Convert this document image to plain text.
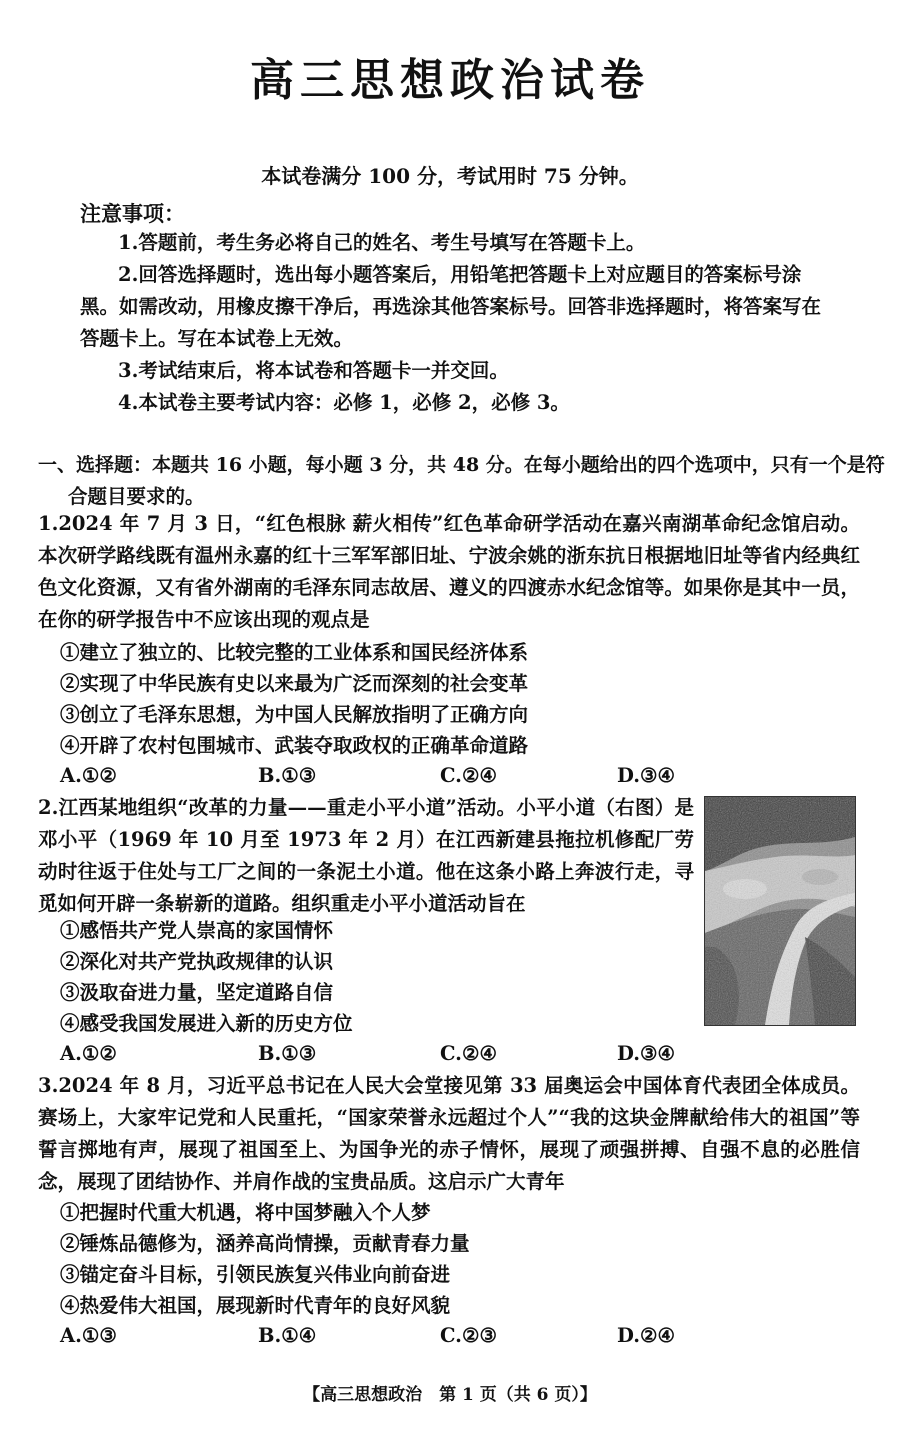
高三思想政治试卷
本试卷满分 100 分，考试用时 75 分钟。
注意事项：
1.答题前，考生务必将自己的姓名、考生号填写在答题卡上。
2.回答选择题时，选出每小题答案后，用铅笔把答题卡上对应题目的答案标号涂
黑。如需改动，用橡皮擦干净后，再选涂其他答案标号。回答非选择题时，将答案写在
答题卡上。写在本试卷上无效。
3.考试结束后，将本试卷和答题卡一并交回。
4.本试卷主要考试内容：必修 1，必修 2，必修 3。
一、选择题：本题共 16 小题，每小题 3 分，共 48 分。在每小题给出的四个选项中，只有一个是符
合题目要求的。
1.2024 年 7 月 3 日，“红色根脉 薪火相传”红色革命研学活动在嘉兴南湖革命纪念馆启动。本次研学路线既有温州永嘉的红十三军军部旧址、宁波余姚的浙东抗日根据地旧址等省内经典红色文化资源，又有省外湖南的毛泽东同志故居、遵义的四渡赤水纪念馆等。如果你是其中一员，在你的研学报告中不应该出现的观点是
①建立了独立的、比较完整的工业体系和国民经济体系
②实现了中华民族有史以来最为广泛而深刻的社会变革
③创立了毛泽东思想，为中国人民解放指明了正确方向
④开辟了农村包围城市、武装夺取政权的正确革命道路
A.①②	B.①③	C.②④	D.③④
2.江西某地组织“改革的力量——重走小平小道”活动。小平小道（右图）是邓小平（1969 年 10 月至 1973 年 2 月）在江西新建县拖拉机修配厂劳动时往返于住处与工厂之间的一条泥土小道。他在这条小路上奔波行走，寻觅如何开辟一条崭新的道路。组织重走小平小道活动旨在
①感悟共产党人崇高的家国情怀
②深化对共产党执政规律的认识
③汲取奋进力量，坚定道路自信
④感受我国发展进入新的历史方位
A.①②	B.①③	C.②④	D.③④
3.2024 年 8 月，习近平总书记在人民大会堂接见第 33 届奥运会中国体育代表团全体成员。赛场上，大家牢记党和人民重托，“国家荣誉永远超过个人”“我的这块金牌献给伟大的祖国”等誓言掷地有声，展现了祖国至上、为国争光的赤子情怀，展现了顽强拼搏、自强不息的必胜信念，展现了团结协作、并肩作战的宝贵品质。这启示广大青年
①把握时代重大机遇，将中国梦融入个人梦
②锤炼品德修为，涵养高尚情操，贡献青春力量
③锚定奋斗目标，引领民族复兴伟业向前奋进
④热爱伟大祖国，展现新时代青年的良好风貌
A.①③	B.①④	C.②③	D.②④
【高三思想政治　第 1 页（共 6 页）】
